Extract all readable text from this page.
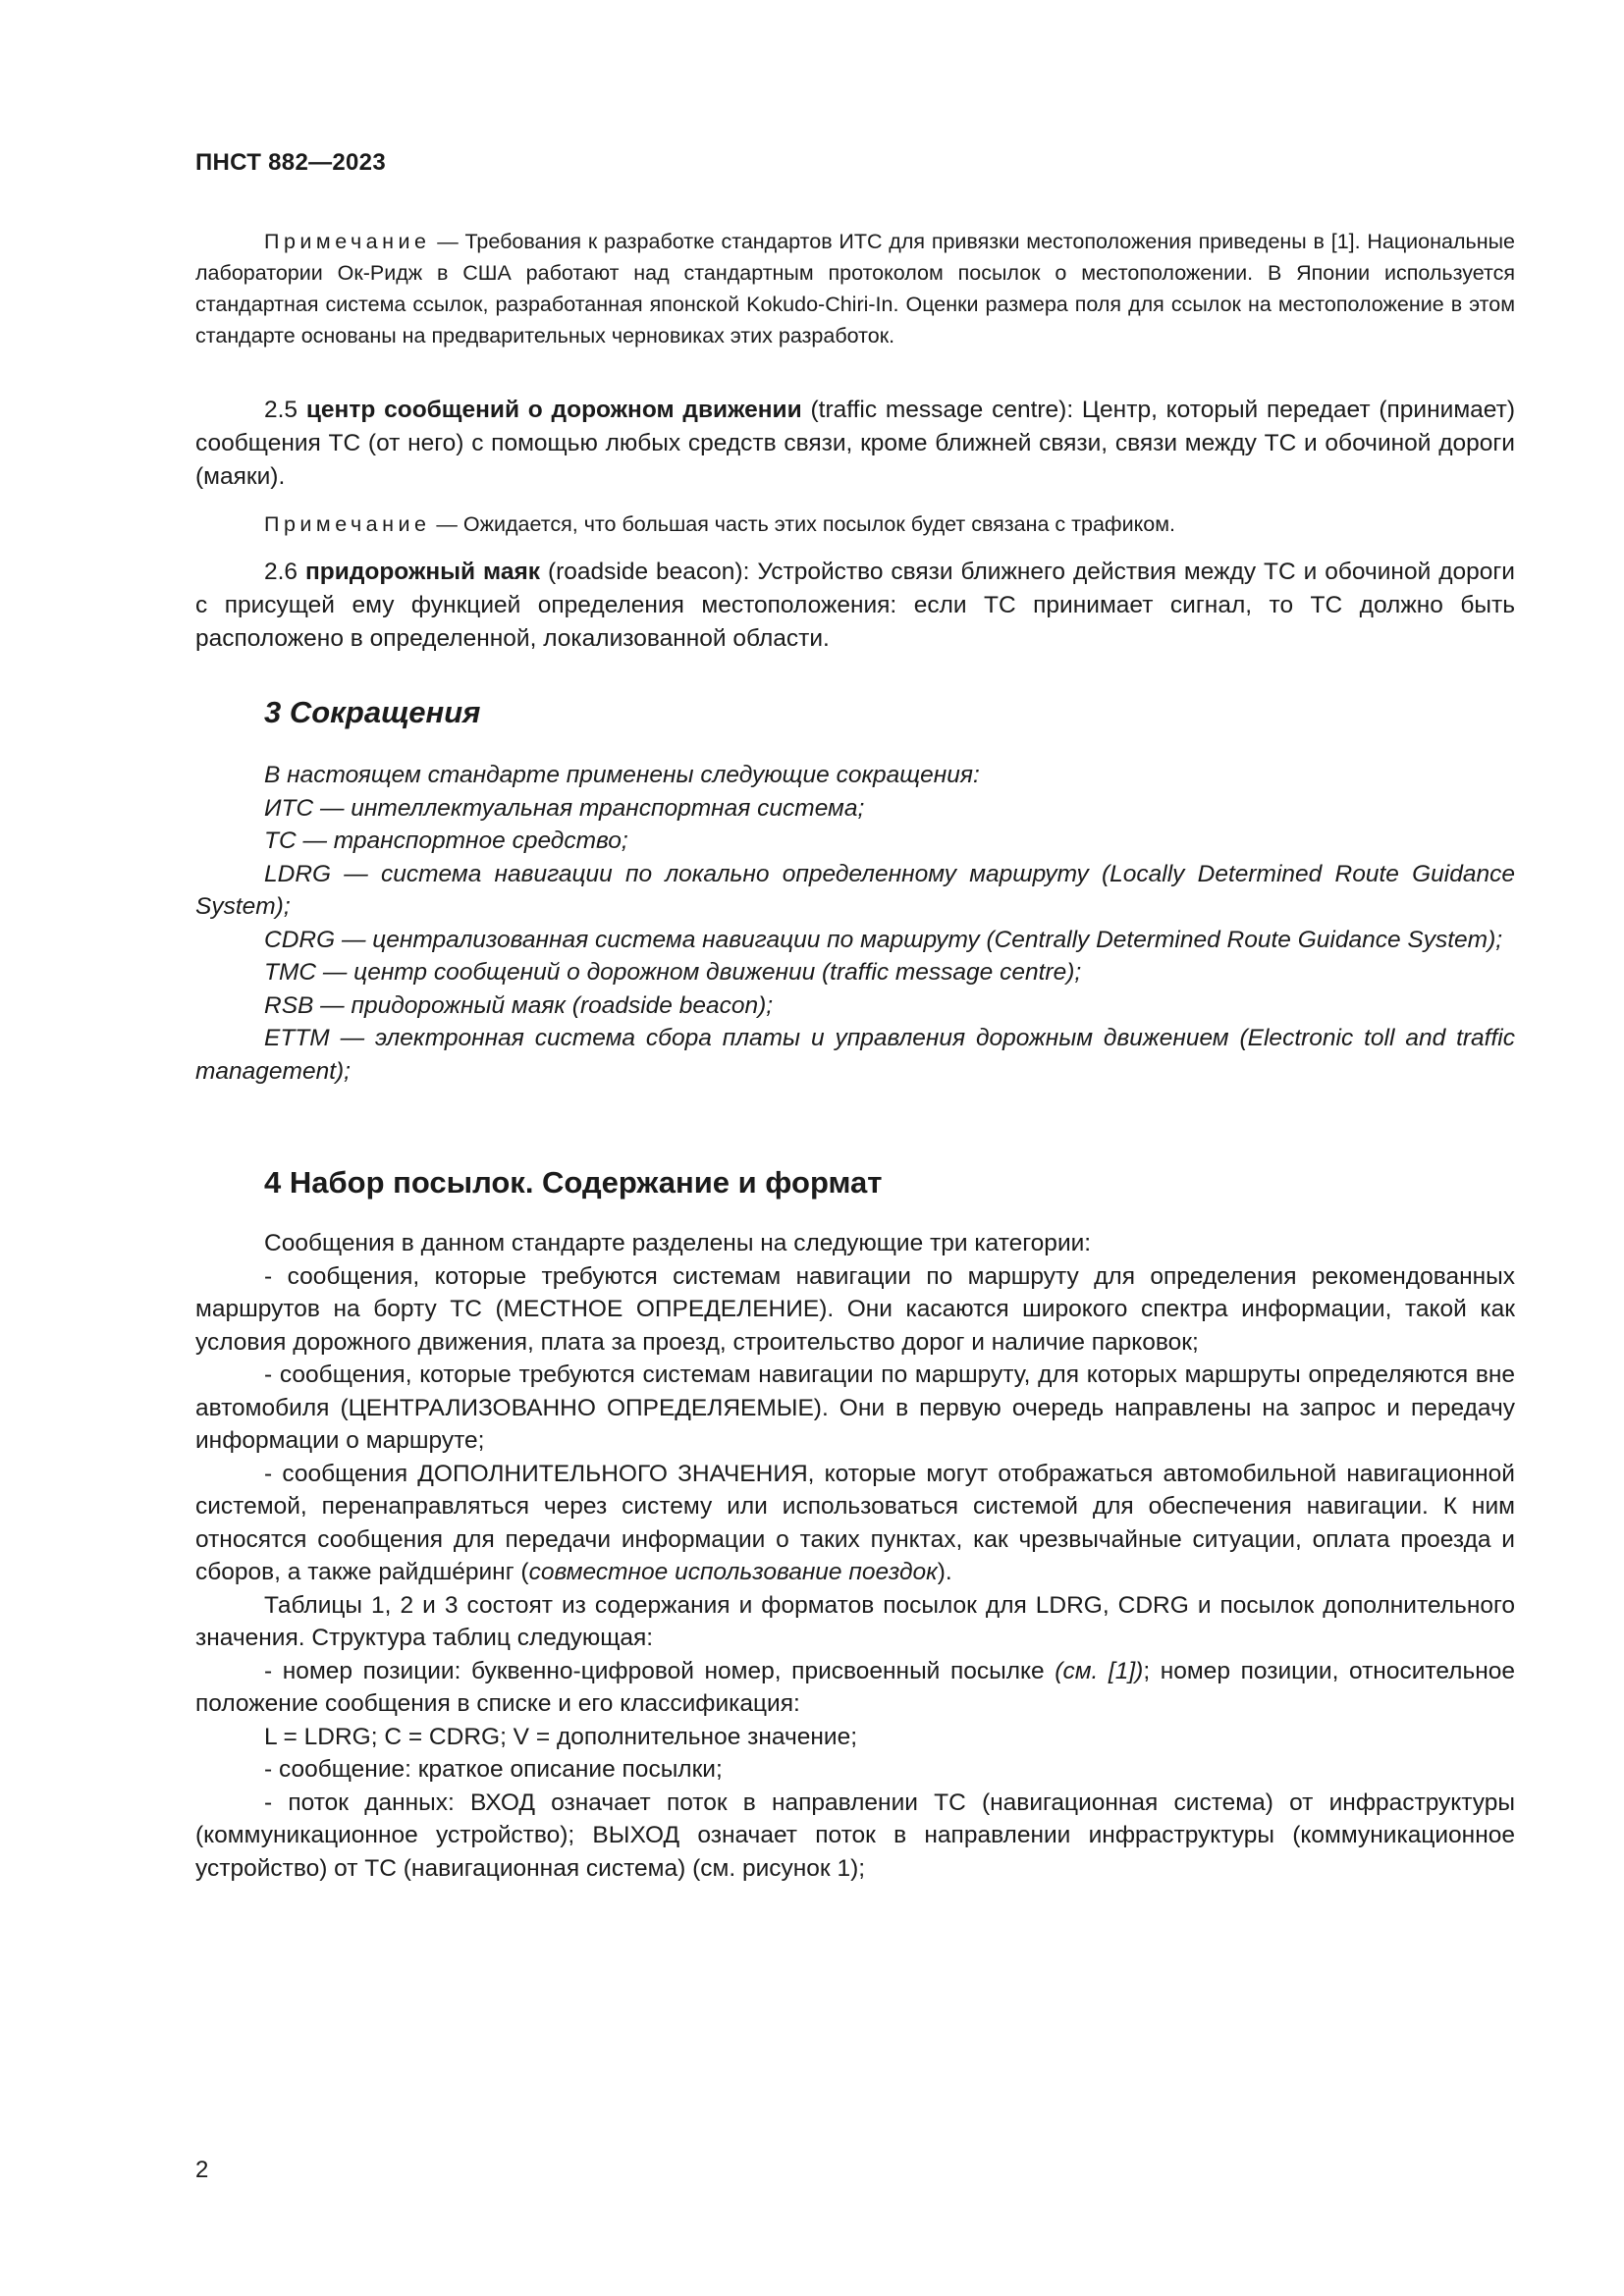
ПНСТ 882—2023

Примечание — Требования к разработке стандартов ИТС для привязки местоположения приведены в [1]. Национальные лаборатории Ок-Ридж в США работают над стандартным протоколом посылок о местоположении. В Японии используется стандартная система ссылок, разработанная японской Kokudo-Chiri-In. Оценки размера поля для ссылок на местоположение в этом стандарте основаны на предварительных черновиках этих разработок.

2.5 центр сообщений о дорожном движении (traffic message centre): Центр, который передает (принимает) сообщения ТС (от него) с помощью любых средств связи, кроме ближней связи, связи между ТС и обочиной дороги (маяки).

Примечание — Ожидается, что большая часть этих посылок будет связана с трафиком.

2.6 придорожный маяк (roadside beacon): Устройство связи ближнего действия между ТС и обочиной дороги с присущей ему функцией определения местоположения: если ТС принимает сигнал, то ТС должно быть расположено в определенной, локализованной области.

3 Сокращения

В настоящем стандарте применены следующие сокращения:

ИТС — интеллектуальная транспортная система;

ТС — транспортное средство;

LDRG — система навигации по локально определенному маршруту (Locally Determined Route Guidance System);

CDRG — централизованная система навигации по маршруту (Centrally Determined Route Guidance System);

TMC — центр сообщений о дорожном движении (traffic message centre);

RSB — придорожный маяк (roadside beacon);

ETTM — электронная система сбора платы и управления дорожным движением (Electronic toll and traffic management);

4 Набор посылок. Содержание и формат

Сообщения в данном стандарте разделены на следующие три категории:

- сообщения, которые требуются системам навигации по маршруту для определения рекомендованных маршрутов на борту ТС (МЕСТНОЕ ОПРЕДЕЛЕНИЕ). Они касаются широкого спектра информации, такой как условия дорожного движения, плата за проезд, строительство дорог и наличие парковок;

- сообщения, которые требуются системам навигации по маршруту, для которых маршруты определяются вне автомобиля (ЦЕНТРАЛИЗОВАННО ОПРЕДЕЛЯЕМЫЕ). Они в первую очередь направлены на запрос и передачу информации о маршруте;

- сообщения ДОПОЛНИТЕЛЬНОГО ЗНАЧЕНИЯ, которые могут отображаться автомобильной навигационной системой, перенаправляться через систему или использоваться системой для обеспечения навигации. К ним относятся сообщения для передачи информации о таких пунктах, как чрезвычайные ситуации, оплата проезда и сборов, а также райдше́ринг (совместное использование поездок).

Таблицы 1, 2 и 3 состоят из содержания и форматов посылок для LDRG, CDRG и посылок дополнительного значения. Структура таблиц следующая:

- номер позиции: буквенно-цифровой номер, присвоенный посылке (см. [1]); номер позиции, относительное положение сообщения в списке и его классификация:

L = LDRG; C = CDRG; V = дополнительное значение;

- сообщение: краткое описание посылки;

- поток данных: ВХОД означает поток в направлении ТС (навигационная система) от инфраструктуры (коммуникационное устройство); ВЫХОД означает поток в направлении инфраструктуры (коммуникационное устройство) от ТС (навигационная система) (см. рисунок 1);

2
